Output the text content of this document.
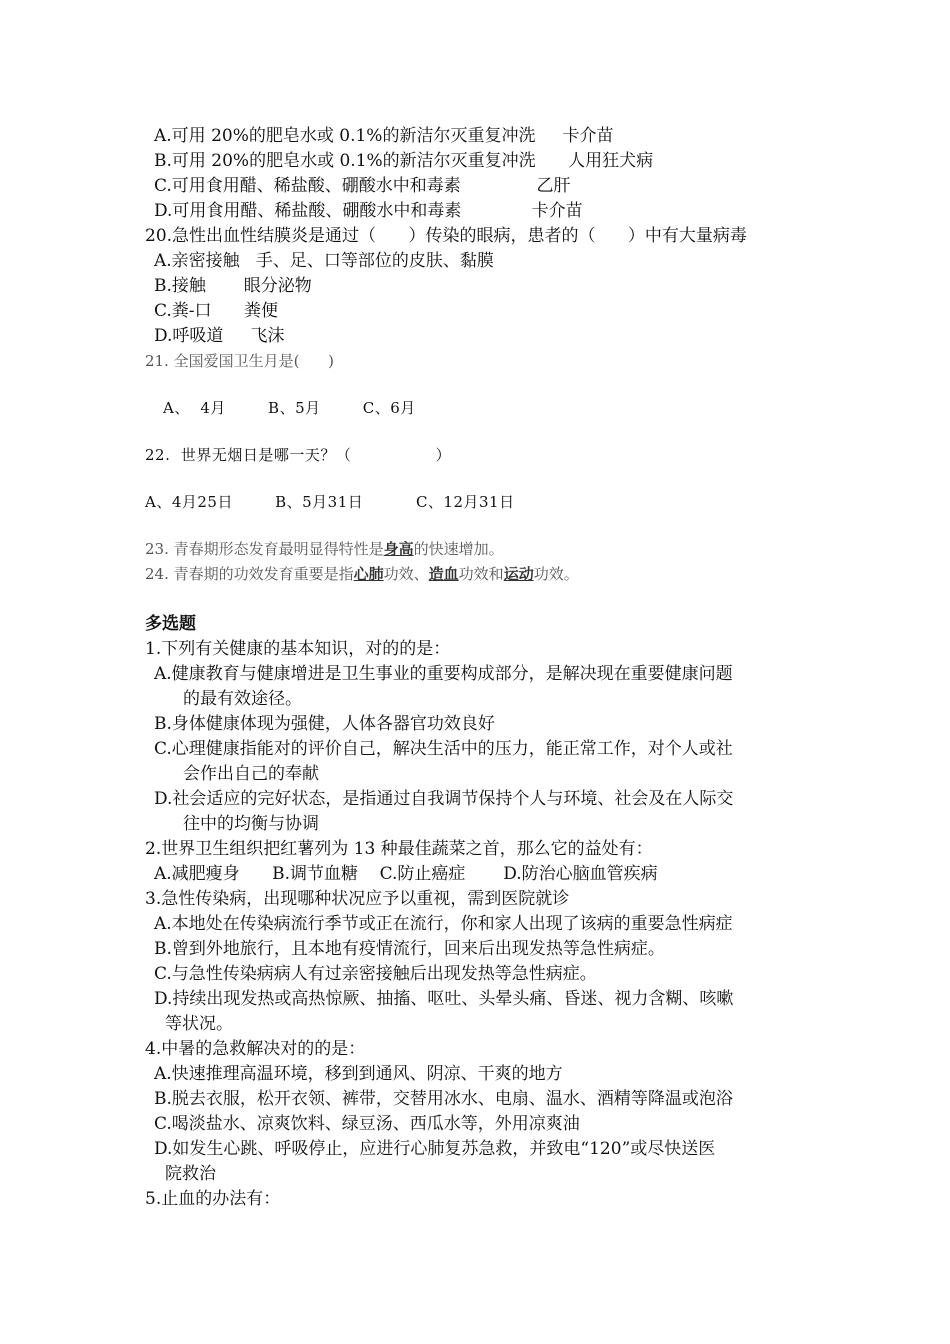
A.可用 20%的肥皂水或 0.1%的新洁尔灭重复冲洗     卡介苗
B.可用 20%的肥皂水或 0.1%的新洁尔灭重复冲洗      人用狂犬病
C.可用食用醋、稀盐酸、硼酸水中和毒素              乙肝
D.可用食用醋、稀盐酸、硼酸水中和毒素             卡介苗
20.急性出血性结膜炎是通过（      ）传染的眼病，患者的（      ）中有大量病毒
A.亲密接触   手、足、口等部位的皮肤、黏膜
B.接触       眼分泌物
C.粪-口      粪便
D.呼吸道     飞沫
21. 全国爱国卫生月是(      )
A、  4月        B、5月        C、6月
22.  世界无烟日是哪一天？（                ）
A、4月25日        B、5月31日          C、12月31日
23. 青春期形态发育最明显得特性是身高的快速增加。
24. 青春期的功效发育重要是指心肺功效、造血功效和运动功效。
多选题
1.下列有关健康的基本知识，对的的是：
A.健康教育与健康增进是卫生事业的重要构成部分，是解决现在重要健康问题
的最有效途径。
B.身体健康体现为强健，人体各器官功效良好
C.心理健康指能对的评价自己，解决生活中的压力，能正常工作，对个人或社
会作出自己的奉献
D.社会适应的完好状态，是指通过自我调节保持个人与环境、社会及在人际交
往中的均衡与协调
2.世界卫生组织把红薯列为 13 种最佳蔬菜之首，那么它的益处有：
A.减肥瘦身      B.调节血糖    C.防止癌症       D.防治心脑血管疾病
3.急性传染病，出现哪种状况应予以重视，需到医院就诊
A.本地处在传染病流行季节或正在流行，你和家人出现了该病的重要急性病症
B.曾到外地旅行，且本地有疫情流行，回来后出现发热等急性病症。
C.与急性传染病病人有过亲密接触后出现发热等急性病症。
D.持续出现发热或高热惊厥、抽搐、呕吐、头晕头痛、昏迷、视力含糊、咳嗽
等状况。
4.中暑的急救解决对的的是：
A.快速推理高温环境，移到到通风、阴凉、干爽的地方
B.脱去衣服，松开衣领、裤带，交替用冰水、电扇、温水、酒精等降温或泡浴
C.喝淡盐水、凉爽饮料、绿豆汤、西瓜水等，外用凉爽油
D.如发生心跳、呼吸停止，应进行心肺复苏急救，并致电“120”或尽快送医
院救治
5.止血的办法有：
